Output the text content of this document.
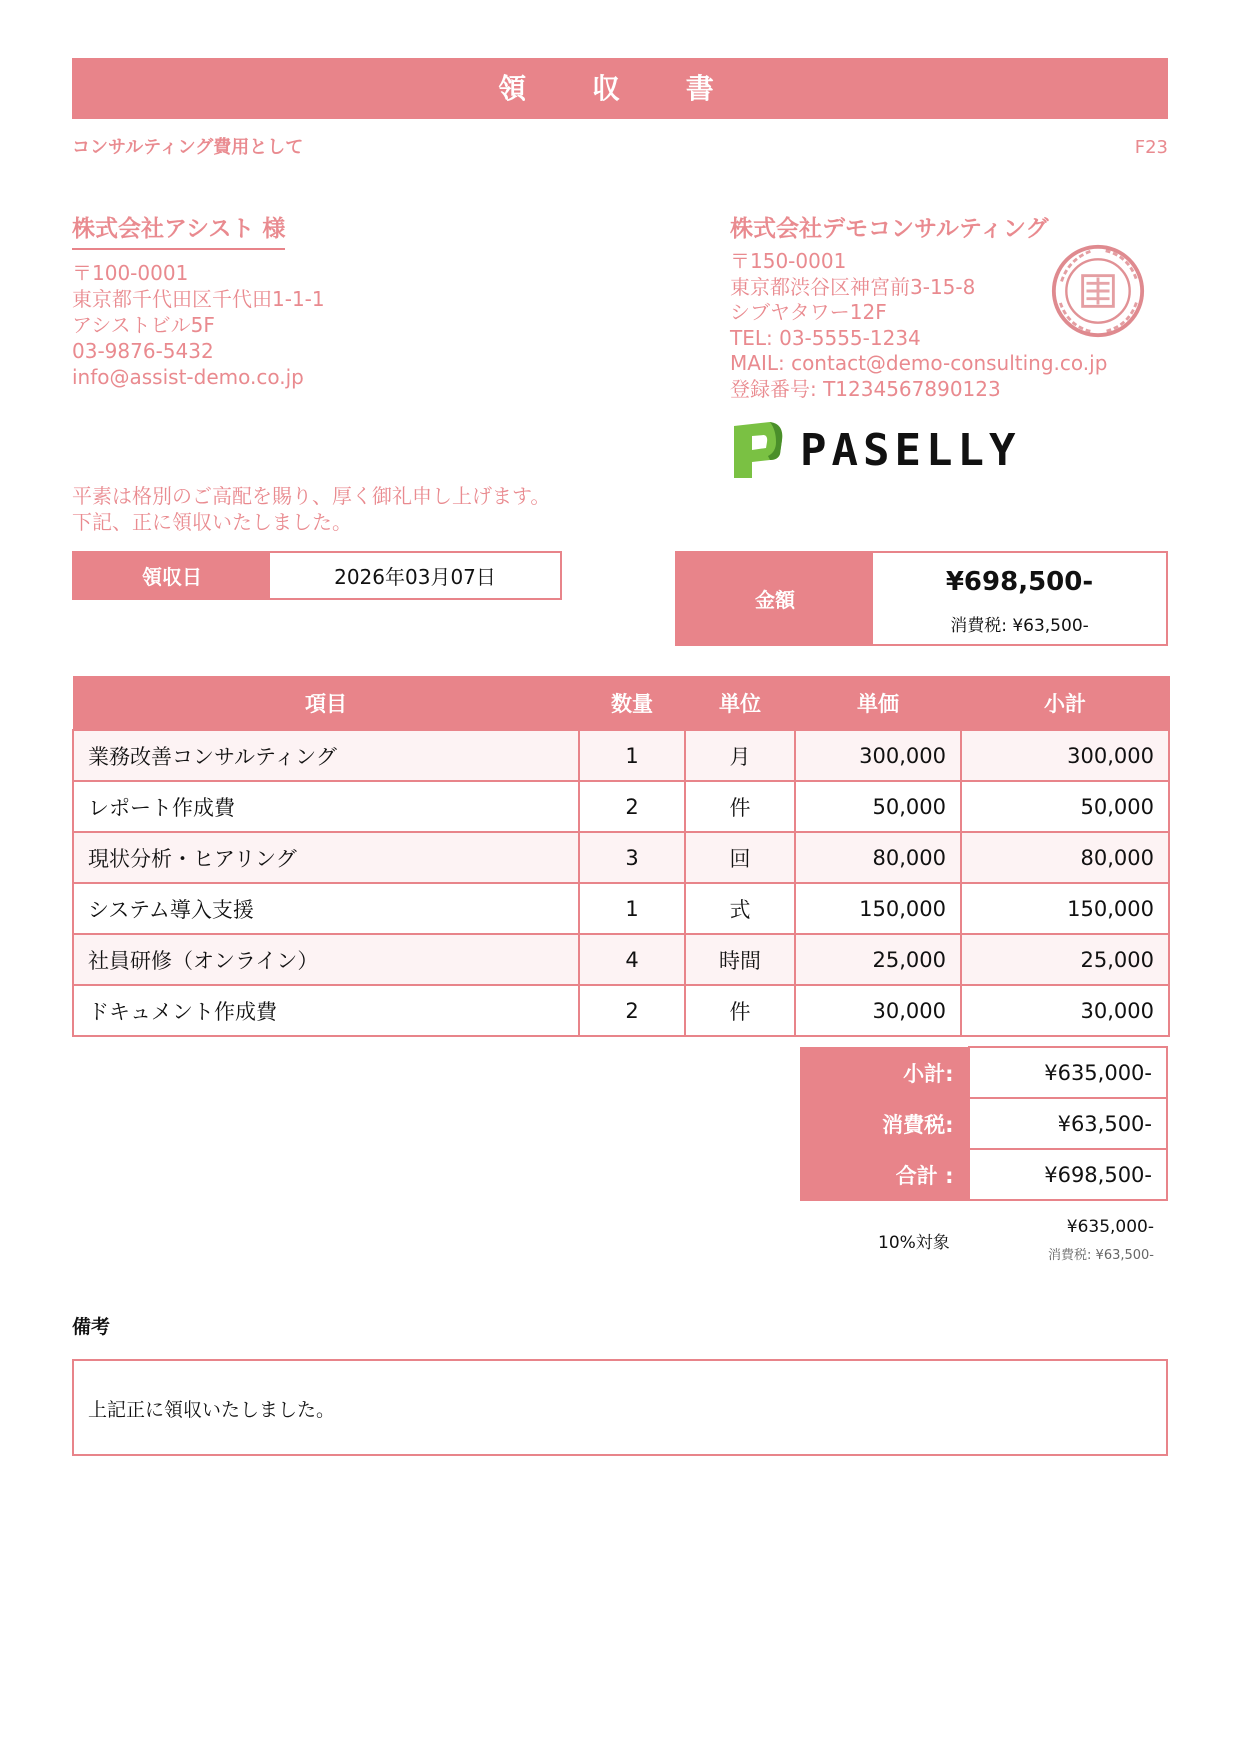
領 収 書
コンサルティング費用として	F23
株式会社アシスト 様
〒100-0001
東京都千代田区千代田1-1-1
アシストビル5F
03-9876-5432
info@assist-demo.co.jp
株式会社デモコンサルティング
〒150-0001
東京都渋谷区神宮前3-15-8
シブヤタワー12F
TEL: 03-5555-1234
MAIL: contact@demo-consulting.co.jp
登録番号: T1234567890123
PASELLY
平素は格別のご高配を賜り、厚く御礼申し上げます。
下記、正に領収いたしました。
領収日	2026年03月07日
金額
¥698,500-
消費税: ¥63,500-
項目	数量	単位	単価	小計
業務改善コンサルティング	1	月	300,000	300,000
レポート作成費	2	件	50,000	50,000
現状分析・ヒアリング	3	回	80,000	80,000
システム導入支援	1	式	150,000	150,000
社員研修（オンライン）	4	時間	25,000	25,000
ドキュメント作成費	2	件	30,000	30,000
小計:	¥635,000-
消費税:	¥63,500-
合計 :	¥698,500-
10%対象
¥635,000-
消費税: ¥63,500-
備考
上記正に領収いたしました。
